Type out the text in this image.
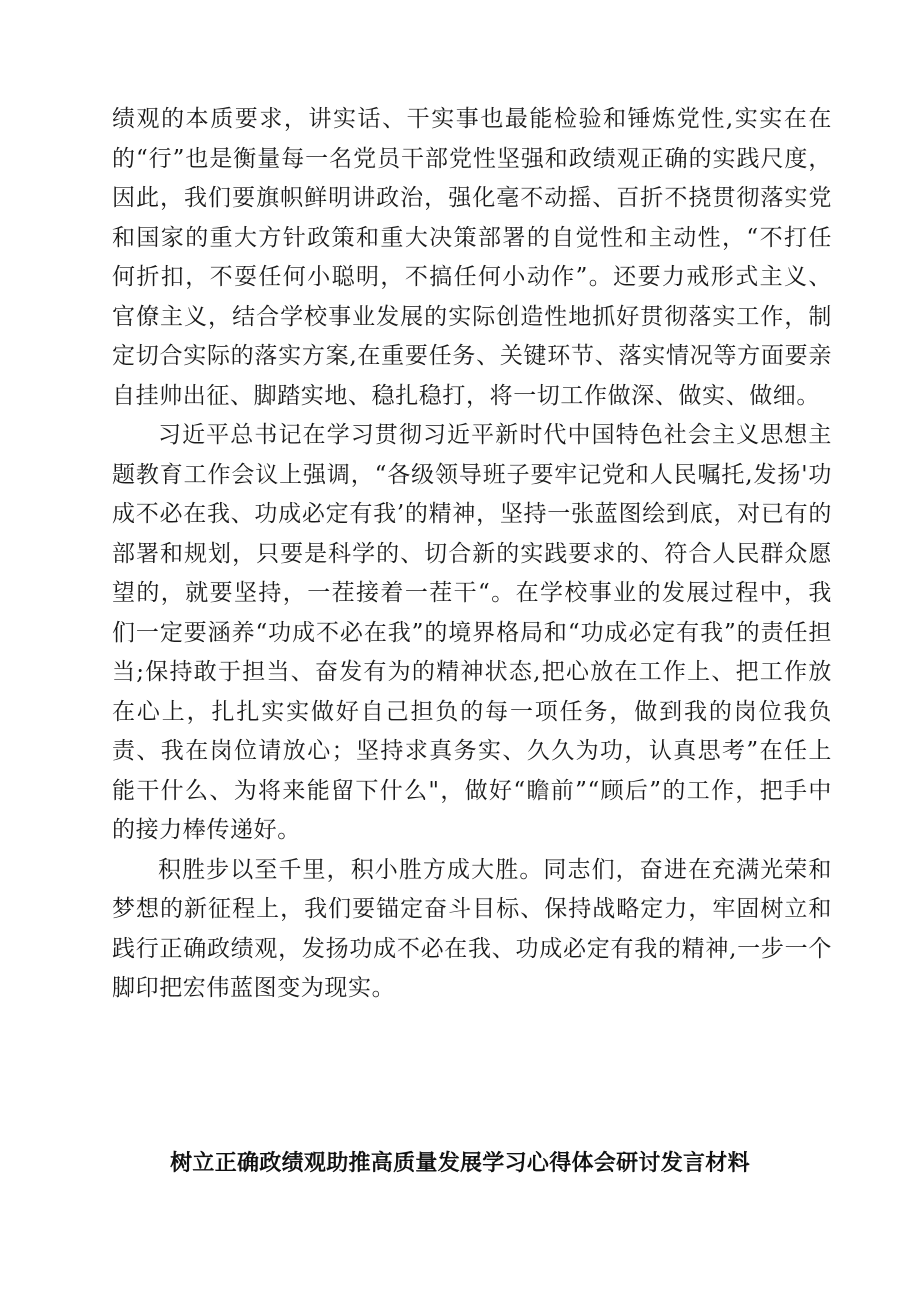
绩观的本质要求，讲实话、干实事也最能检验和锤炼党性,实实在在的“行”也是衡量每一名党员干部党性坚强和政绩观正确的实践尺度，因此，我们要旗帜鲜明讲政治，强化毫不动摇、百折不挠贯彻落实党和国家的重大方针政策和重大决策部署的自觉性和主动性，“不打任何折扣，不耍任何小聪明，不搞任何小动作”。还要力戒形式主义、官僚主义，结合学校事业发展的实际创造性地抓好贯彻落实工作，制定切合实际的落实方案,在重要任务、关键环节、落实情况等方面要亲自挂帅出征、脚踏实地、稳扎稳打，将一切工作做深、做实、做细。

习近平总书记在学习贯彻习近平新时代中国特色社会主义思想主题教育工作会议上强调，“各级领导班子要牢记党和人民嘱托,发扬'功成不必在我、功成必定有我’的精神，坚持一张蓝图绘到底，对已有的部署和规划，只要是科学的、切合新的实践要求的、符合人民群众愿望的，就要坚持，一茬接着一茬干“。在学校事业的发展过程中，我们一定要涵养“功成不必在我”的境界格局和“功成必定有我”的责任担当;保持敢于担当、奋发有为的精神状态,把心放在工作上、把工作放在心上，扎扎实实做好自己担负的每一项任务，做到我的岗位我负责、我在岗位请放心；坚持求真务实、久久为功，认真思考”在任上能干什么、为将来能留下什么"，做好“瞻前”“顾后”的工作，把手中的接力棒传递好。

积胜步以至千里，积小胜方成大胜。同志们，奋进在充满光荣和梦想的新征程上，我们要锚定奋斗目标、保持战略定力，牢固树立和践行正确政绩观，发扬功成不必在我、功成必定有我的精神,一步一个脚印把宏伟蓝图变为现实。

树立正确政绩观助推高质量发展学习心得体会研讨发言材料
